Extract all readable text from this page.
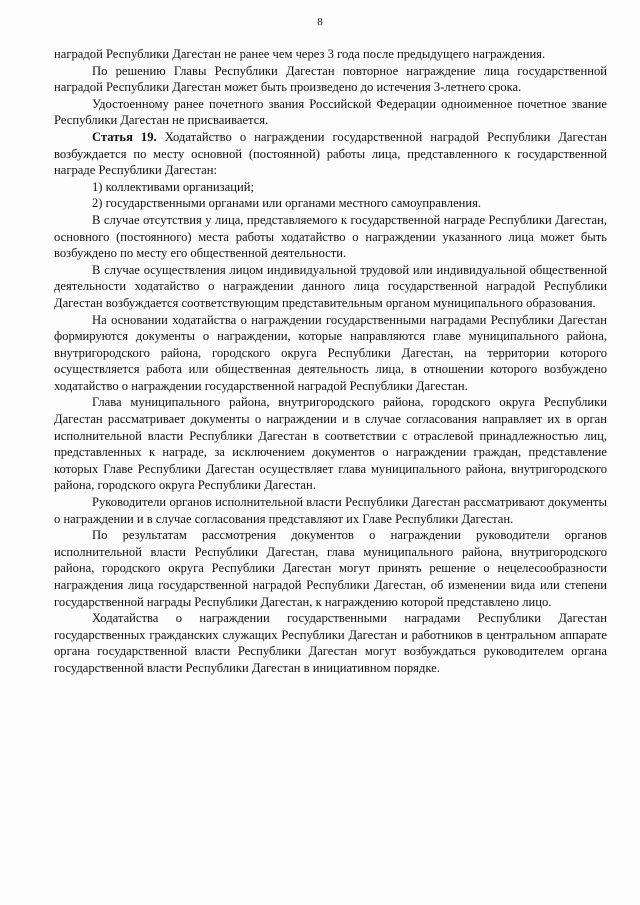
8

наградой Республики Дагестан не ранее чем через 3 года после предыдущего награждения.

По решению Главы Республики Дагестан повторное награждение лица государственной наградой Республики Дагестан может быть произведено до истечения 3-летнего срока.

Удостоенному ранее почетного звания Российской Федерации одноименное почетное звание Республики Дагестан не присваивается.

Статья 19. Ходатайство о награждении государственной наградой Республики Дагестан возбуждается по месту основной (постоянной) работы лица, представленного к государственной награде Республики Дагестан:

1) коллективами организаций;

2) государственными органами или органами местного самоуправления.

В случае отсутствия у лица, представляемого к государственной награде Республики Дагестан, основного (постоянного) места работы ходатайство о награждении указанного лица может быть возбуждено по месту его общественной деятельности.

В случае осуществления лицом индивидуальной трудовой или индивидуальной общественной деятельности ходатайство о награждении данного лица государственной наградой Республики Дагестан возбуждается соответствующим представительным органом муниципального образования.

На основании ходатайства о награждении государственными наградами Республики Дагестан формируются документы о награждении, которые направляются главе муниципального района, внутригородского района, городского округа Республики Дагестан, на территории которого осуществляется работа или общественная деятельность лица, в отношении которого возбуждено ходатайство о награждении государственной наградой Республики Дагестан.

Глава муниципального района, внутригородского района, городского округа Республики Дагестан рассматривает документы о награждении и в случае согласования направляет их в орган исполнительной власти Республики Дагестан в соответствии с отраслевой принадлежностью лиц, представленных к награде, за исключением документов о награждении граждан, представление которых Главе Республики Дагестан осуществляет глава муниципального района, внутригородского района, городского округа Республики Дагестан.

Руководители органов исполнительной власти Республики Дагестан рассматривают документы о награждении и в случае согласования представляют их Главе Республики Дагестан.

По результатам рассмотрения документов о награждении руководители органов исполнительной власти Республики Дагестан, глава муниципального района, внутригородского района, городского округа Республики Дагестан могут принять решение о нецелесообразности награждения лица государственной наградой Республики Дагестан, об изменении вида или степени государственной награды Республики Дагестан, к награждению которой представлено лицо.

Ходатайства о награждении государственными наградами Республики Дагестан государственных гражданских служащих Республики Дагестан и работников в центральном аппарате органа государственной власти Республики Дагестан могут возбуждаться руководителем органа государственной власти Республики Дагестан в инициативном порядке.
